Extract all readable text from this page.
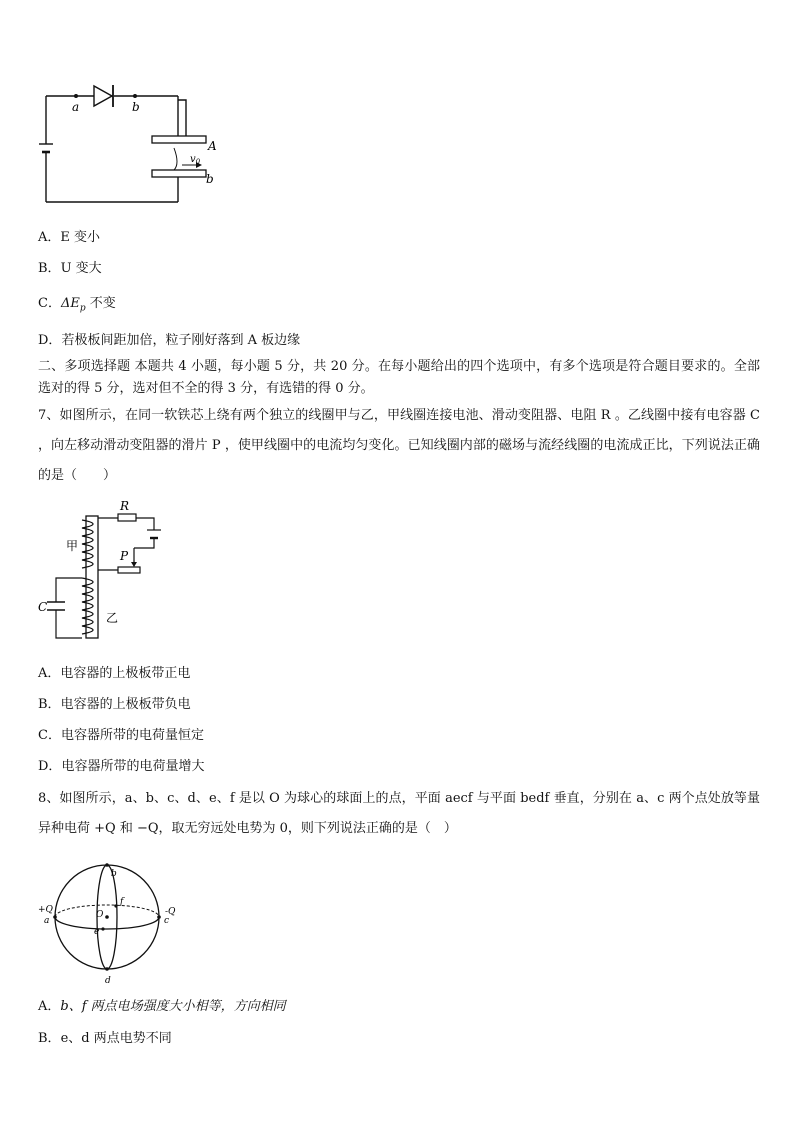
a	b
A
b
$v_0$
A．E 变小
B．U 变大
C．$\Delta E_p$ 不变
D．若极板间距加倍，粒子刚好落到 A 板边缘
二、多项选择题 本题共 4 小题，每小题 5 分，共 20 分。在每小题给出的四个选项中，有多个选项是符合题目要求的。全部选对的得 5 分，选对但不全的得 3 分，有选错的得 0 分。
7、如图所示，在同一软铁芯上绕有两个独立的线圈甲与乙，甲线圈连接电池、滑动变阻器、电阻 R 。乙线圈中接有电容器 C ，向左移动滑动变阻器的滑片 P ，使甲线圈中的电流均匀变化。已知线圈内部的磁场与流经线圈的电流成正比，下列说法正确的是（　　）
R
P
C
甲
乙
A．电容器的上极板带正电
B．电容器的上极板带负电
C．电容器所带的电荷量恒定
D．电容器所带的电荷量增大
8、如图所示，a、b、c、d、e、f 是以 O 为球心的球面上的点，平面 aecf 与平面 bedf 垂直，分别在 a、c 两个点处放等量异种电荷 +Q 和 −Q，取无穷远处电势为 0，则下列说法正确的是（　）
+Q
a
-Q
c
b
d
e
f
O
A．b、f 两点电场强度大小相等，方向相同
B．e、d 两点电势不同
